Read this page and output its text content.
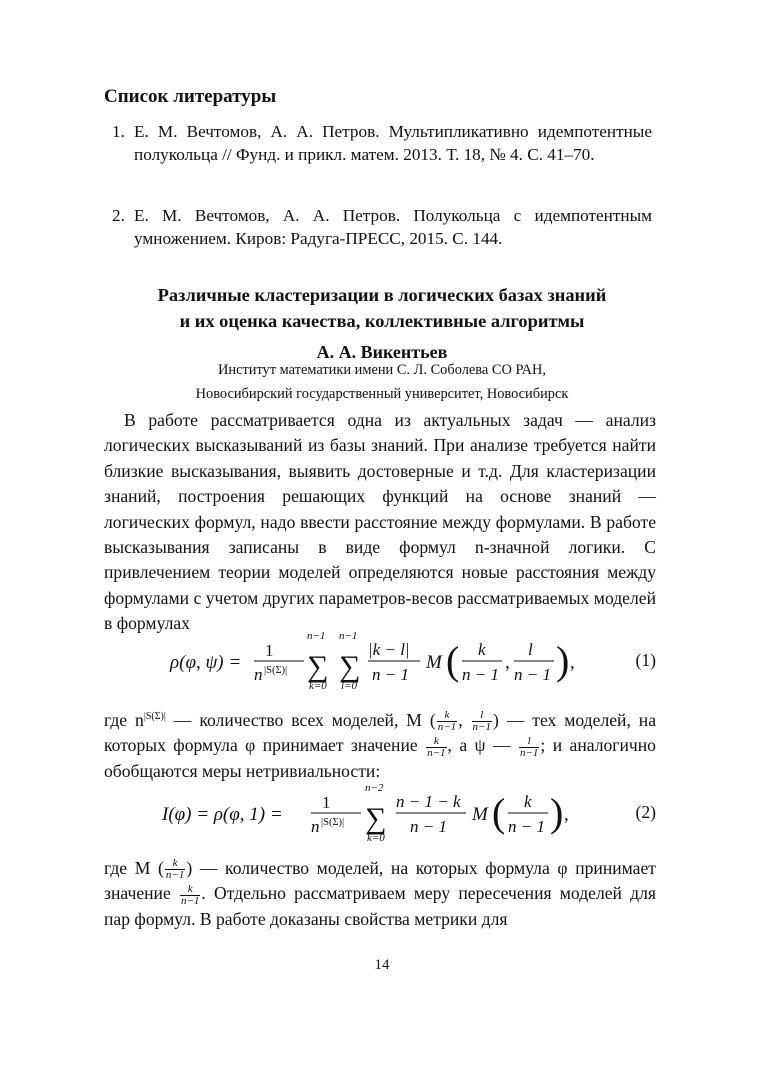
Список литературы
1. Е. М. Вечтомов, А. А. Петров. Мультипликативно идемпотентные полукольца // Фунд. и прикл. матем. 2013. Т. 18, № 4. С. 41–70.
2. Е. М. Вечтомов, А. А. Петров. Полукольца с идемпотентным умножением. Киров: Радуга-ПРЕСС, 2015. С. 144.
Различные кластеризации в логических базах знаний
и их оценка качества, коллективные алгоритмы
А. А. Викентьев
Институт математики имени С. Л. Соболева СО РАН,
Новосибирский государственный университет, Новосибирск

В работе рассматривается одна из актуальных задач — анализ логических высказываний из базы знаний. При анализе требуется найти близкие высказывания, выявить достоверные и т.д. Для кластеризации знаний, построения решающих функций на основе знаний — логических формул, надо ввести расстояние между формулами. В работе высказывания записаны в виде формул n-значной логики. С привлечением теории моделей определяются новые расстояния между формулами с учетом других параметров-весов рассматриваемых моделей в формулах

ρ(φ, ψ) =
1
n |S(Σ)|
n−1
∑
k=0
n−1
∑
l=0
|k − l|
n − 1
M ( k
n − 1
,
l
n − 1 ) ,	(1)

где $n^{|S(\Sigma)|}$ — количество всех моделей, M ( $\frac{k}{n-1}$ , $\frac{l}{n-1}$ ) — тех моделей, на которых формула φ принимает значение $\frac{k}{n-1}$ , а ψ — $\frac{l}{n-1}$ ; и аналогично обобщаются меры нетривиальности:

I(φ) = ρ(φ, 1) =
1
n |S(Σ)|
n−2
∑
k=0
n − 1 − k
n − 1
M ( k
n − 1 ) ,	(2)

где M ( $\frac{k}{n-1}$ ) — количество моделей, на которых формула φ принимает значение $\frac{k}{n-1}$ . Отдельно рассматриваем меру пересечения моделей для пар формул. В работе доказаны свойства метрики для

14
